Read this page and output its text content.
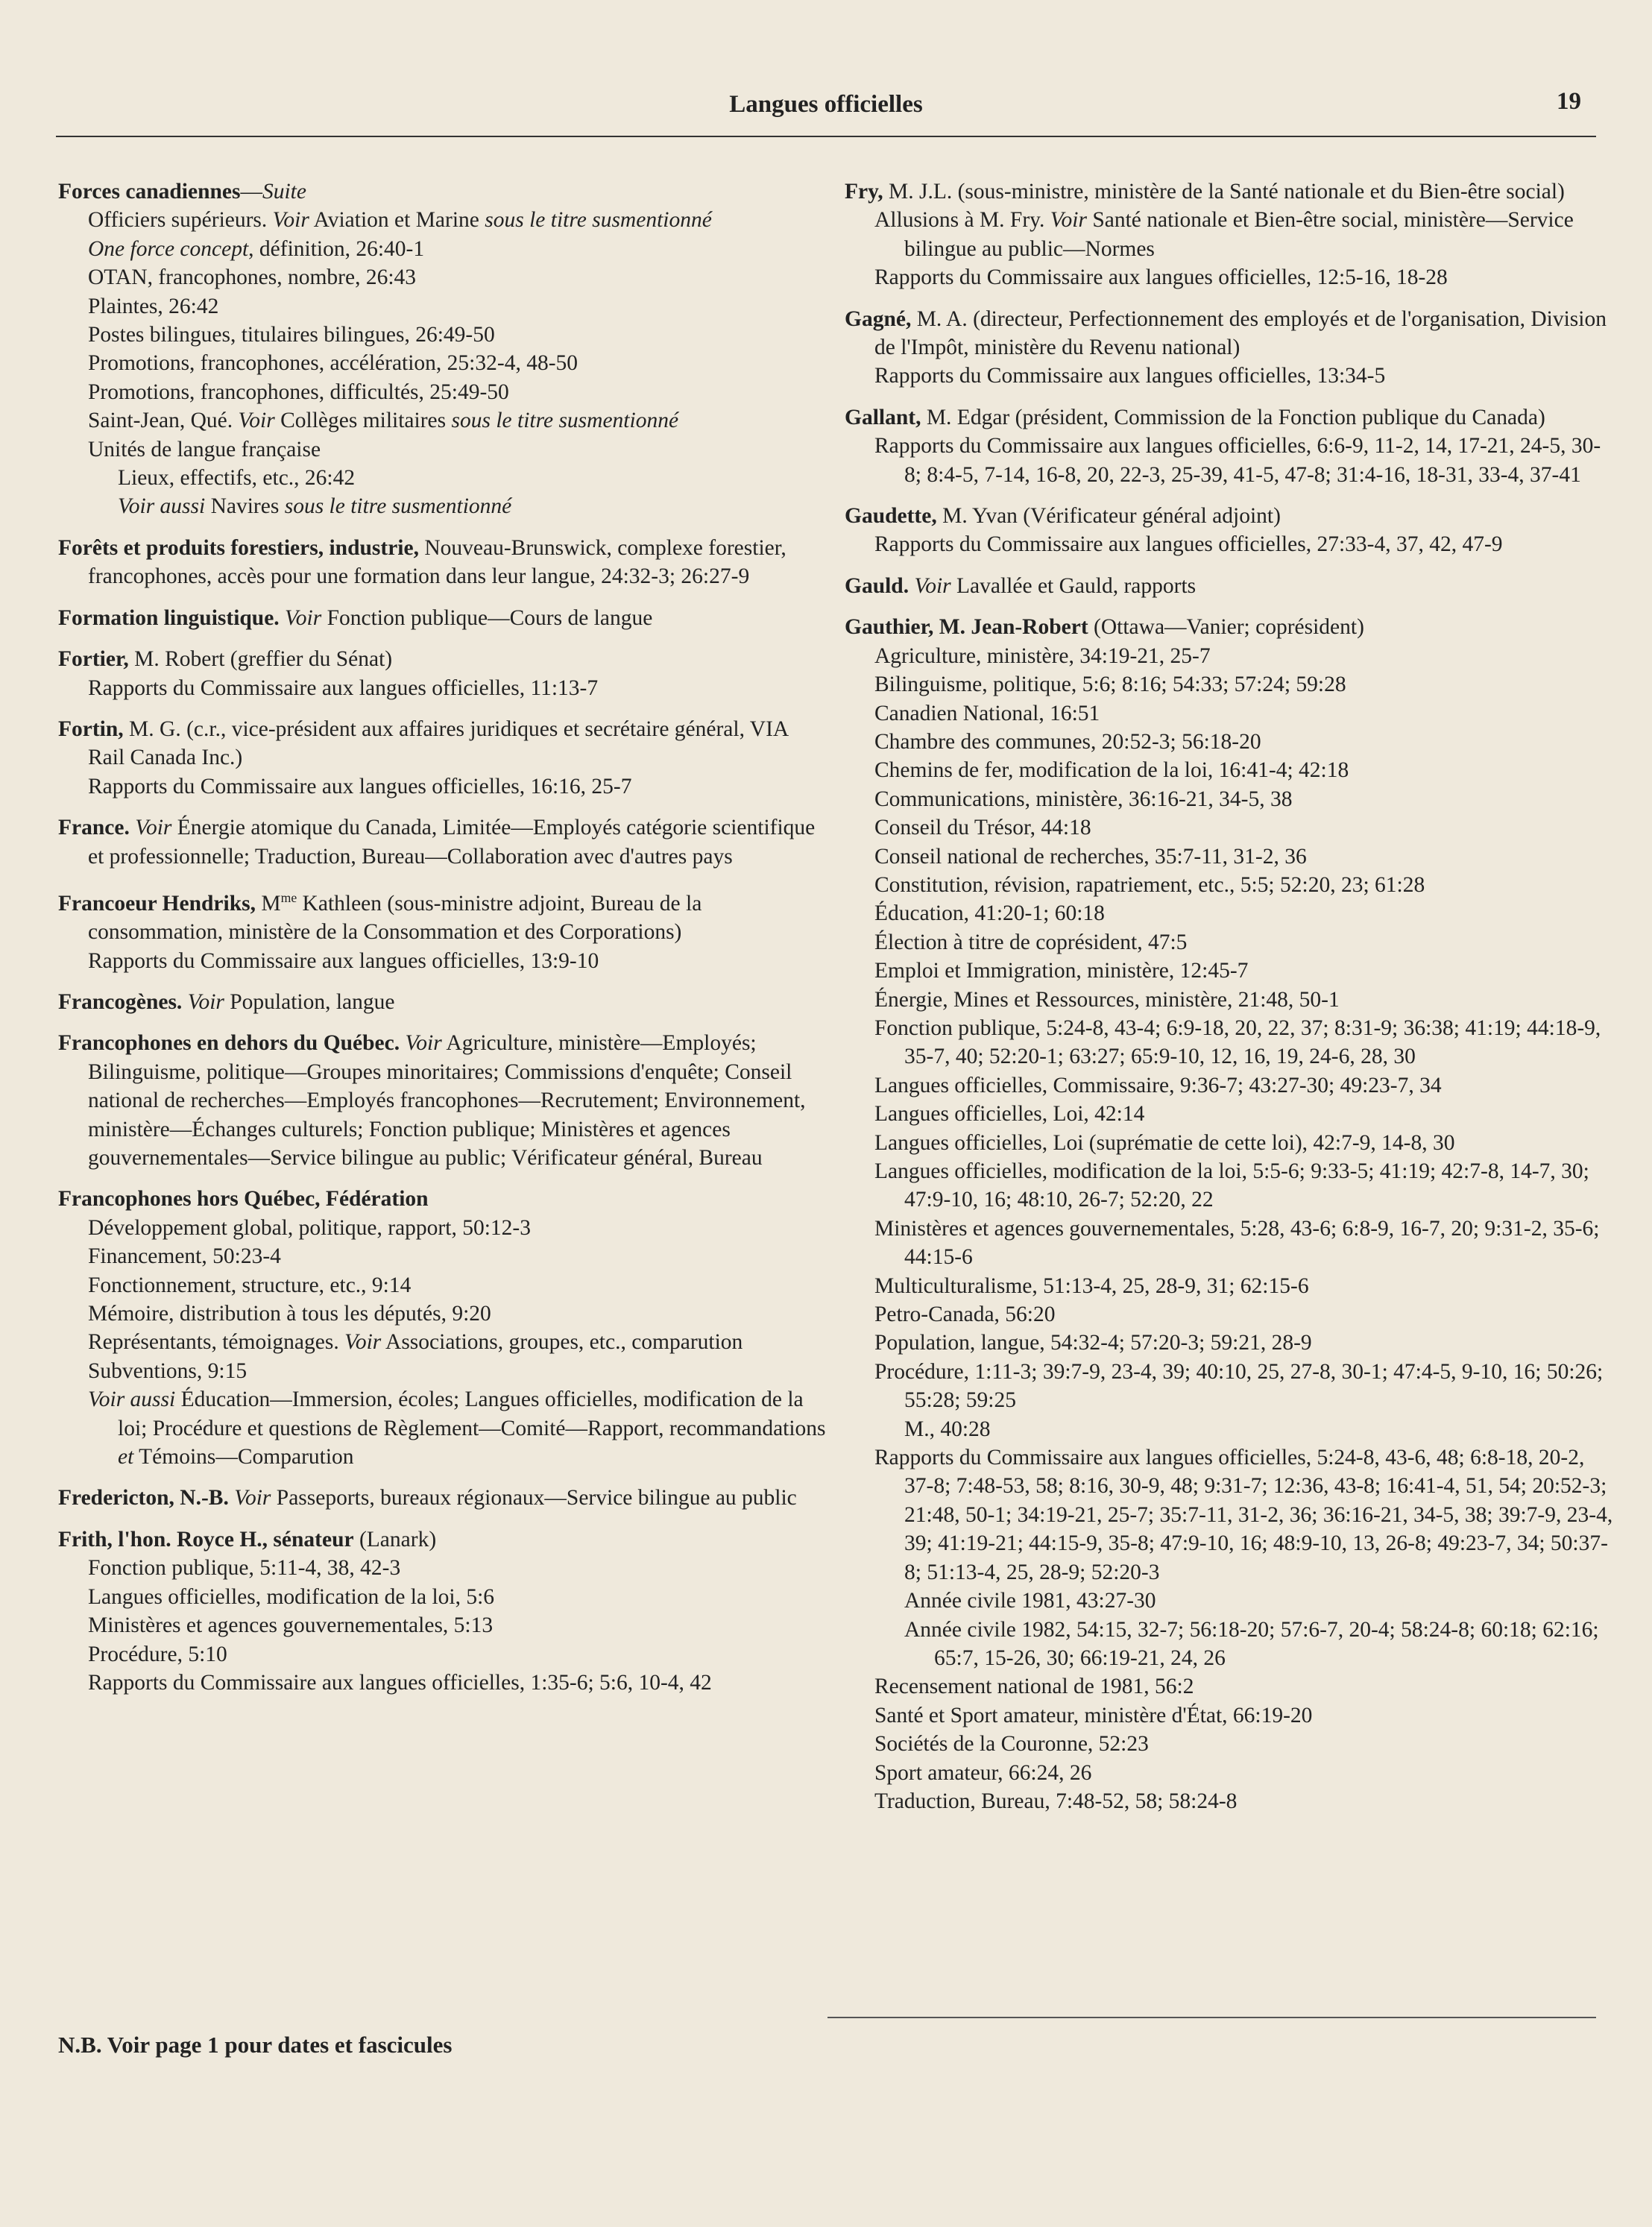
Langues officielles	19
Forces canadiennes—Suite
Officiers supérieurs. Voir Aviation et Marine sous le titre susmentionné
One force concept, définition, 26:40-1
OTAN, francophones, nombre, 26:43
Plaintes, 26:42
Postes bilingues, titulaires bilingues, 26:49-50
Promotions, francophones, accélération, 25:32-4, 48-50
Promotions, francophones, difficultés, 25:49-50
Saint-Jean, Qué. Voir Collèges militaires sous le titre susmentionné
Unités de langue française
Lieux, effectifs, etc., 26:42
Voir aussi Navires sous le titre susmentionné
Forêts et produits forestiers, industrie, Nouveau-Brunswick, complexe forestier, francophones, accès pour une formation dans leur langue, 24:32-3; 26:27-9
Formation linguistique. Voir Fonction publique—Cours de langue
Fortier, M. Robert (greffier du Sénat)
Rapports du Commissaire aux langues officielles, 11:13-7
Fortin, M. G. (c.r., vice-président aux affaires juridiques et secrétaire général, VIA Rail Canada Inc.)
Rapports du Commissaire aux langues officielles, 16:16, 25-7
France. Voir Énergie atomique du Canada, Limitée—Employés catégorie scientifique et professionnelle; Traduction, Bureau—Collaboration avec d'autres pays
Francoeur Hendriks, $M^{me}$ Kathleen (sous-ministre adjoint, Bureau de la consommation, ministère de la Consommation et des Corporations)
Rapports du Commissaire aux langues officielles, 13:9-10
Francogènes. Voir Population, langue
Francophones en dehors du Québec. Voir Agriculture, ministère—Employés; Bilinguisme, politique—Groupes minoritaires; Commissions d'enquête; Conseil national de recherches—Employés francophones—Recrutement; Environnement, ministère—Échanges culturels; Fonction publique; Ministères et agences gouvernementales—Service bilingue au public; Vérificateur général, Bureau
Francophones hors Québec, Fédération
Développement global, politique, rapport, 50:12-3
Financement, 50:23-4
Fonctionnement, structure, etc., 9:14
Mémoire, distribution à tous les députés, 9:20
Représentants, témoignages. Voir Associations, groupes, etc., comparution
Subventions, 9:15
Voir aussi Éducation—Immersion, écoles; Langues officielles, modification de la loi; Procédure et questions de Règlement—Comité—Rapport, recommandations et Témoins—Comparution
Fredericton, N.-B. Voir Passeports, bureaux régionaux—Service bilingue au public
Frith, l'hon. Royce H., sénateur (Lanark)
Fonction publique, 5:11-4, 38, 42-3
Langues officielles, modification de la loi, 5:6
Ministères et agences gouvernementales, 5:13
Procédure, 5:10
Rapports du Commissaire aux langues officielles, 1:35-6; 5:6, 10-4, 42
Fry, M. J.L. (sous-ministre, ministère de la Santé nationale et du Bien-être social)
Allusions à M. Fry. Voir Santé nationale et Bien-être social, ministère—Service bilingue au public—Normes
Rapports du Commissaire aux langues officielles, 12:5-16, 18-28
Gagné, M. A. (directeur, Perfectionnement des employés et de l'organisation, Division de l'Impôt, ministère du Revenu national)
Rapports du Commissaire aux langues officielles, 13:34-5
Gallant, M. Edgar (président, Commission de la Fonction publique du Canada)
Rapports du Commissaire aux langues officielles, 6:6-9, 11-2, 14, 17-21, 24-5, 30-8; 8:4-5, 7-14, 16-8, 20, 22-3, 25-39, 41-5, 47-8; 31:4-16, 18-31, 33-4, 37-41
Gaudette, M. Yvan (Vérificateur général adjoint)
Rapports du Commissaire aux langues officielles, 27:33-4, 37, 42, 47-9
Gauld. Voir Lavallée et Gauld, rapports
Gauthier, M. Jean-Robert (Ottawa—Vanier; coprésident)
Agriculture, ministère, 34:19-21, 25-7
Bilinguisme, politique, 5:6; 8:16; 54:33; 57:24; 59:28
Canadien National, 16:51
Chambre des communes, 20:52-3; 56:18-20
Chemins de fer, modification de la loi, 16:41-4; 42:18
Communications, ministère, 36:16-21, 34-5, 38
Conseil du Trésor, 44:18
Conseil national de recherches, 35:7-11, 31-2, 36
Constitution, révision, rapatriement, etc., 5:5; 52:20, 23; 61:28
Éducation, 41:20-1; 60:18
Élection à titre de coprésident, 47:5
Emploi et Immigration, ministère, 12:45-7
Énergie, Mines et Ressources, ministère, 21:48, 50-1
Fonction publique, 5:24-8, 43-4; 6:9-18, 20, 22, 37; 8:31-9; 36:38; 41:19; 44:18-9, 35-7, 40; 52:20-1; 63:27; 65:9-10, 12, 16, 19, 24-6, 28, 30
Langues officielles, Commissaire, 9:36-7; 43:27-30; 49:23-7, 34
Langues officielles, Loi, 42:14
Langues officielles, Loi (suprématie de cette loi), 42:7-9, 14-8, 30
Langues officielles, modification de la loi, 5:5-6; 9:33-5; 41:19; 42:7-8, 14-7, 30; 47:9-10, 16; 48:10, 26-7; 52:20, 22
Ministères et agences gouvernementales, 5:28, 43-6; 6:8-9, 16-7, 20; 9:31-2, 35-6; 44:15-6
Multiculturalisme, 51:13-4, 25, 28-9, 31; 62:15-6
Petro-Canada, 56:20
Population, langue, 54:32-4; 57:20-3; 59:21, 28-9
Procédure, 1:11-3; 39:7-9, 23-4, 39; 40:10, 25, 27-8, 30-1; 47:4-5, 9-10, 16; 50:26; 55:28; 59:25
M., 40:28
Rapports du Commissaire aux langues officielles, 5:24-8, 43-6, 48; 6:8-18, 20-2, 37-8; 7:48-53, 58; 8:16, 30-9, 48; 9:31-7; 12:36, 43-8; 16:41-4, 51, 54; 20:52-3; 21:48, 50-1; 34:19-21, 25-7; 35:7-11, 31-2, 36; 36:16-21, 34-5, 38; 39:7-9, 23-4, 39; 41:19-21; 44:15-9, 35-8; 47:9-10, 16; 48:9-10, 13, 26-8; 49:23-7, 34; 50:37-8; 51:13-4, 25, 28-9; 52:20-3
Année civile 1981, 43:27-30
Année civile 1982, 54:15, 32-7; 56:18-20; 57:6-7, 20-4; 58:24-8; 60:18; 62:16; 65:7, 15-26, 30; 66:19-21, 24, 26
Recensement national de 1981, 56:2
Santé et Sport amateur, ministère d'État, 66:19-20
Sociétés de la Couronne, 52:23
Sport amateur, 66:24, 26
Traduction, Bureau, 7:48-52, 58; 58:24-8
N.B. Voir page 1 pour dates et fascicules
